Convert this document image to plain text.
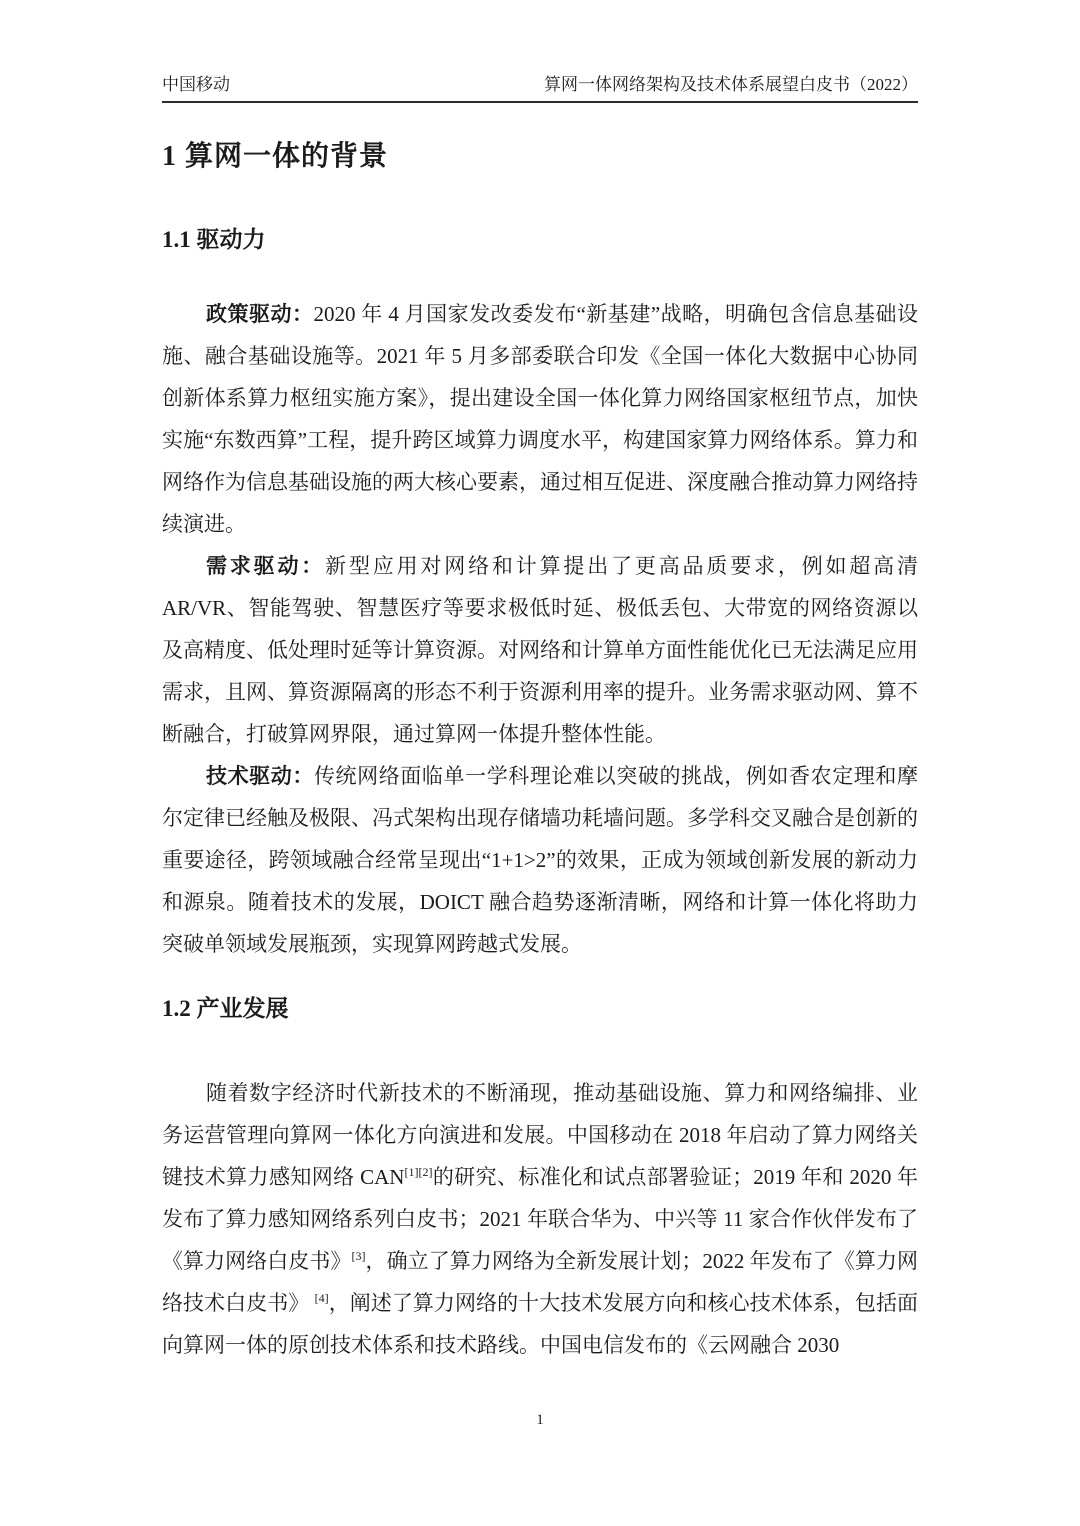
中国移动	算网一体网络架构及技术体系展望白皮书（2022）
1 算网一体的背景
1.1 驱动力

政策驱动：2020 年 4 月国家发改委发布“新基建”战略，明确包含信息基础设施、融合基础设施等。2021 年 5 月多部委联合印发《全国一体化大数据中心协同创新体系算力枢纽实施方案》，提出建设全国一体化算力网络国家枢纽节点，加快实施“东数西算”工程，提升跨区域算力调度水平，构建国家算力网络体系。算力和网络作为信息基础设施的两大核心要素，通过相互促进、深度融合推动算力网络持续演进。

需求驱动：新型应用对网络和计算提出了更高品质要求，例如超高清 AR/VR、智能驾驶、智慧医疗等要求极低时延、极低丢包、大带宽的网络资源以及高精度、低处理时延等计算资源。对网络和计算单方面性能优化已无法满足应用需求，且网、算资源隔离的形态不利于资源利用率的提升。业务需求驱动网、算不断融合，打破算网界限，通过算网一体提升整体性能。

技术驱动：传统网络面临单一学科理论难以突破的挑战，例如香农定理和摩尔定律已经触及极限、冯式架构出现存储墙功耗墙问题。多学科交叉融合是创新的重要途径，跨领域融合经常呈现出“1+1>2”的效果，正成为领域创新发展的新动力和源泉。随着技术的发展，DOICT 融合趋势逐渐清晰，网络和计算一体化将助力突破单领域发展瓶颈，实现算网跨越式发展。

1.2 产业发展

随着数字经济时代新技术的不断涌现，推动基础设施、算力和网络编排、业务运营管理向算网一体化方向演进和发展。中国移动在 2018 年启动了算力网络关键技术算力感知网络 CAN[1][2]的研究、标准化和试点部署验证；2019 年和 2020 年发布了算力感知网络系列白皮书；2021 年联合华为、中兴等 11 家合作伙伴发布了《算力网络白皮书》[3]，确立了算力网络为全新发展计划；2022 年发布了《算力网络技术白皮书》 [4]，阐述了算力网络的十大技术发展方向和核心技术体系，包括面向算网一体的原创技术体系和技术路线。中国电信发布的《云网融合 2030

1
